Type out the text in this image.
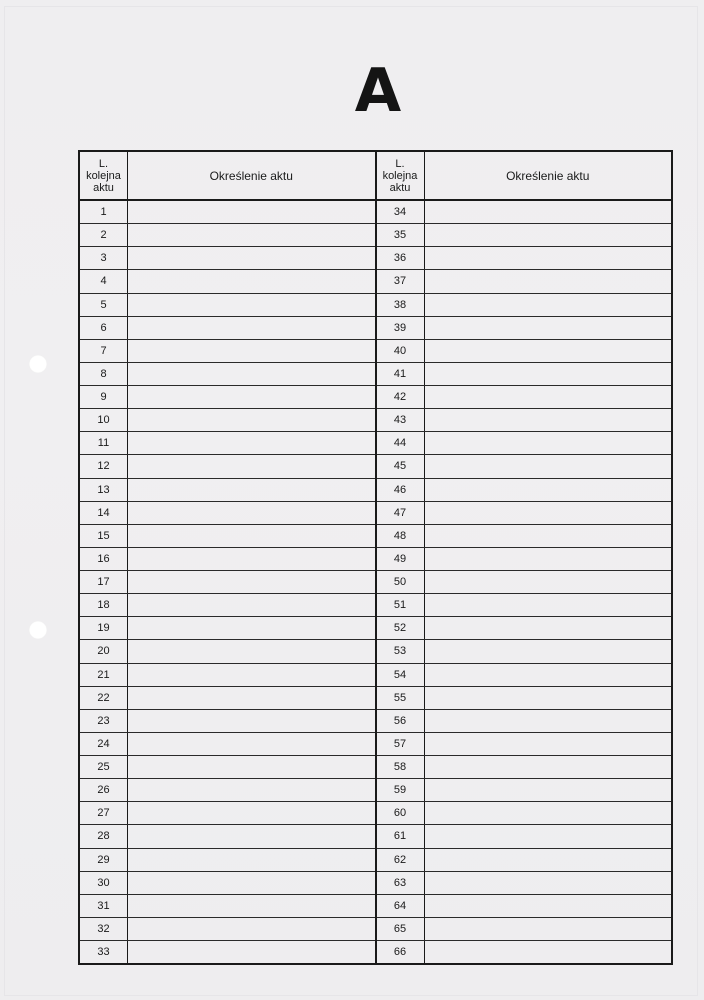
A
L.
kolejna
aktu
Określenie aktu
1
2
3
4
5
6
7
8
9
10
11
12
13
14
15
16
17
18
19
20
21
22
23
24
25
26
27
28
29
30
31
32
33
L.
kolejna
aktu
Określenie aktu
34
35
36
37
38
39
40
41
42
43
44
45
46
47
48
49
50
51
52
53
54
55
56
57
58
59
60
61
62
63
64
65
66
